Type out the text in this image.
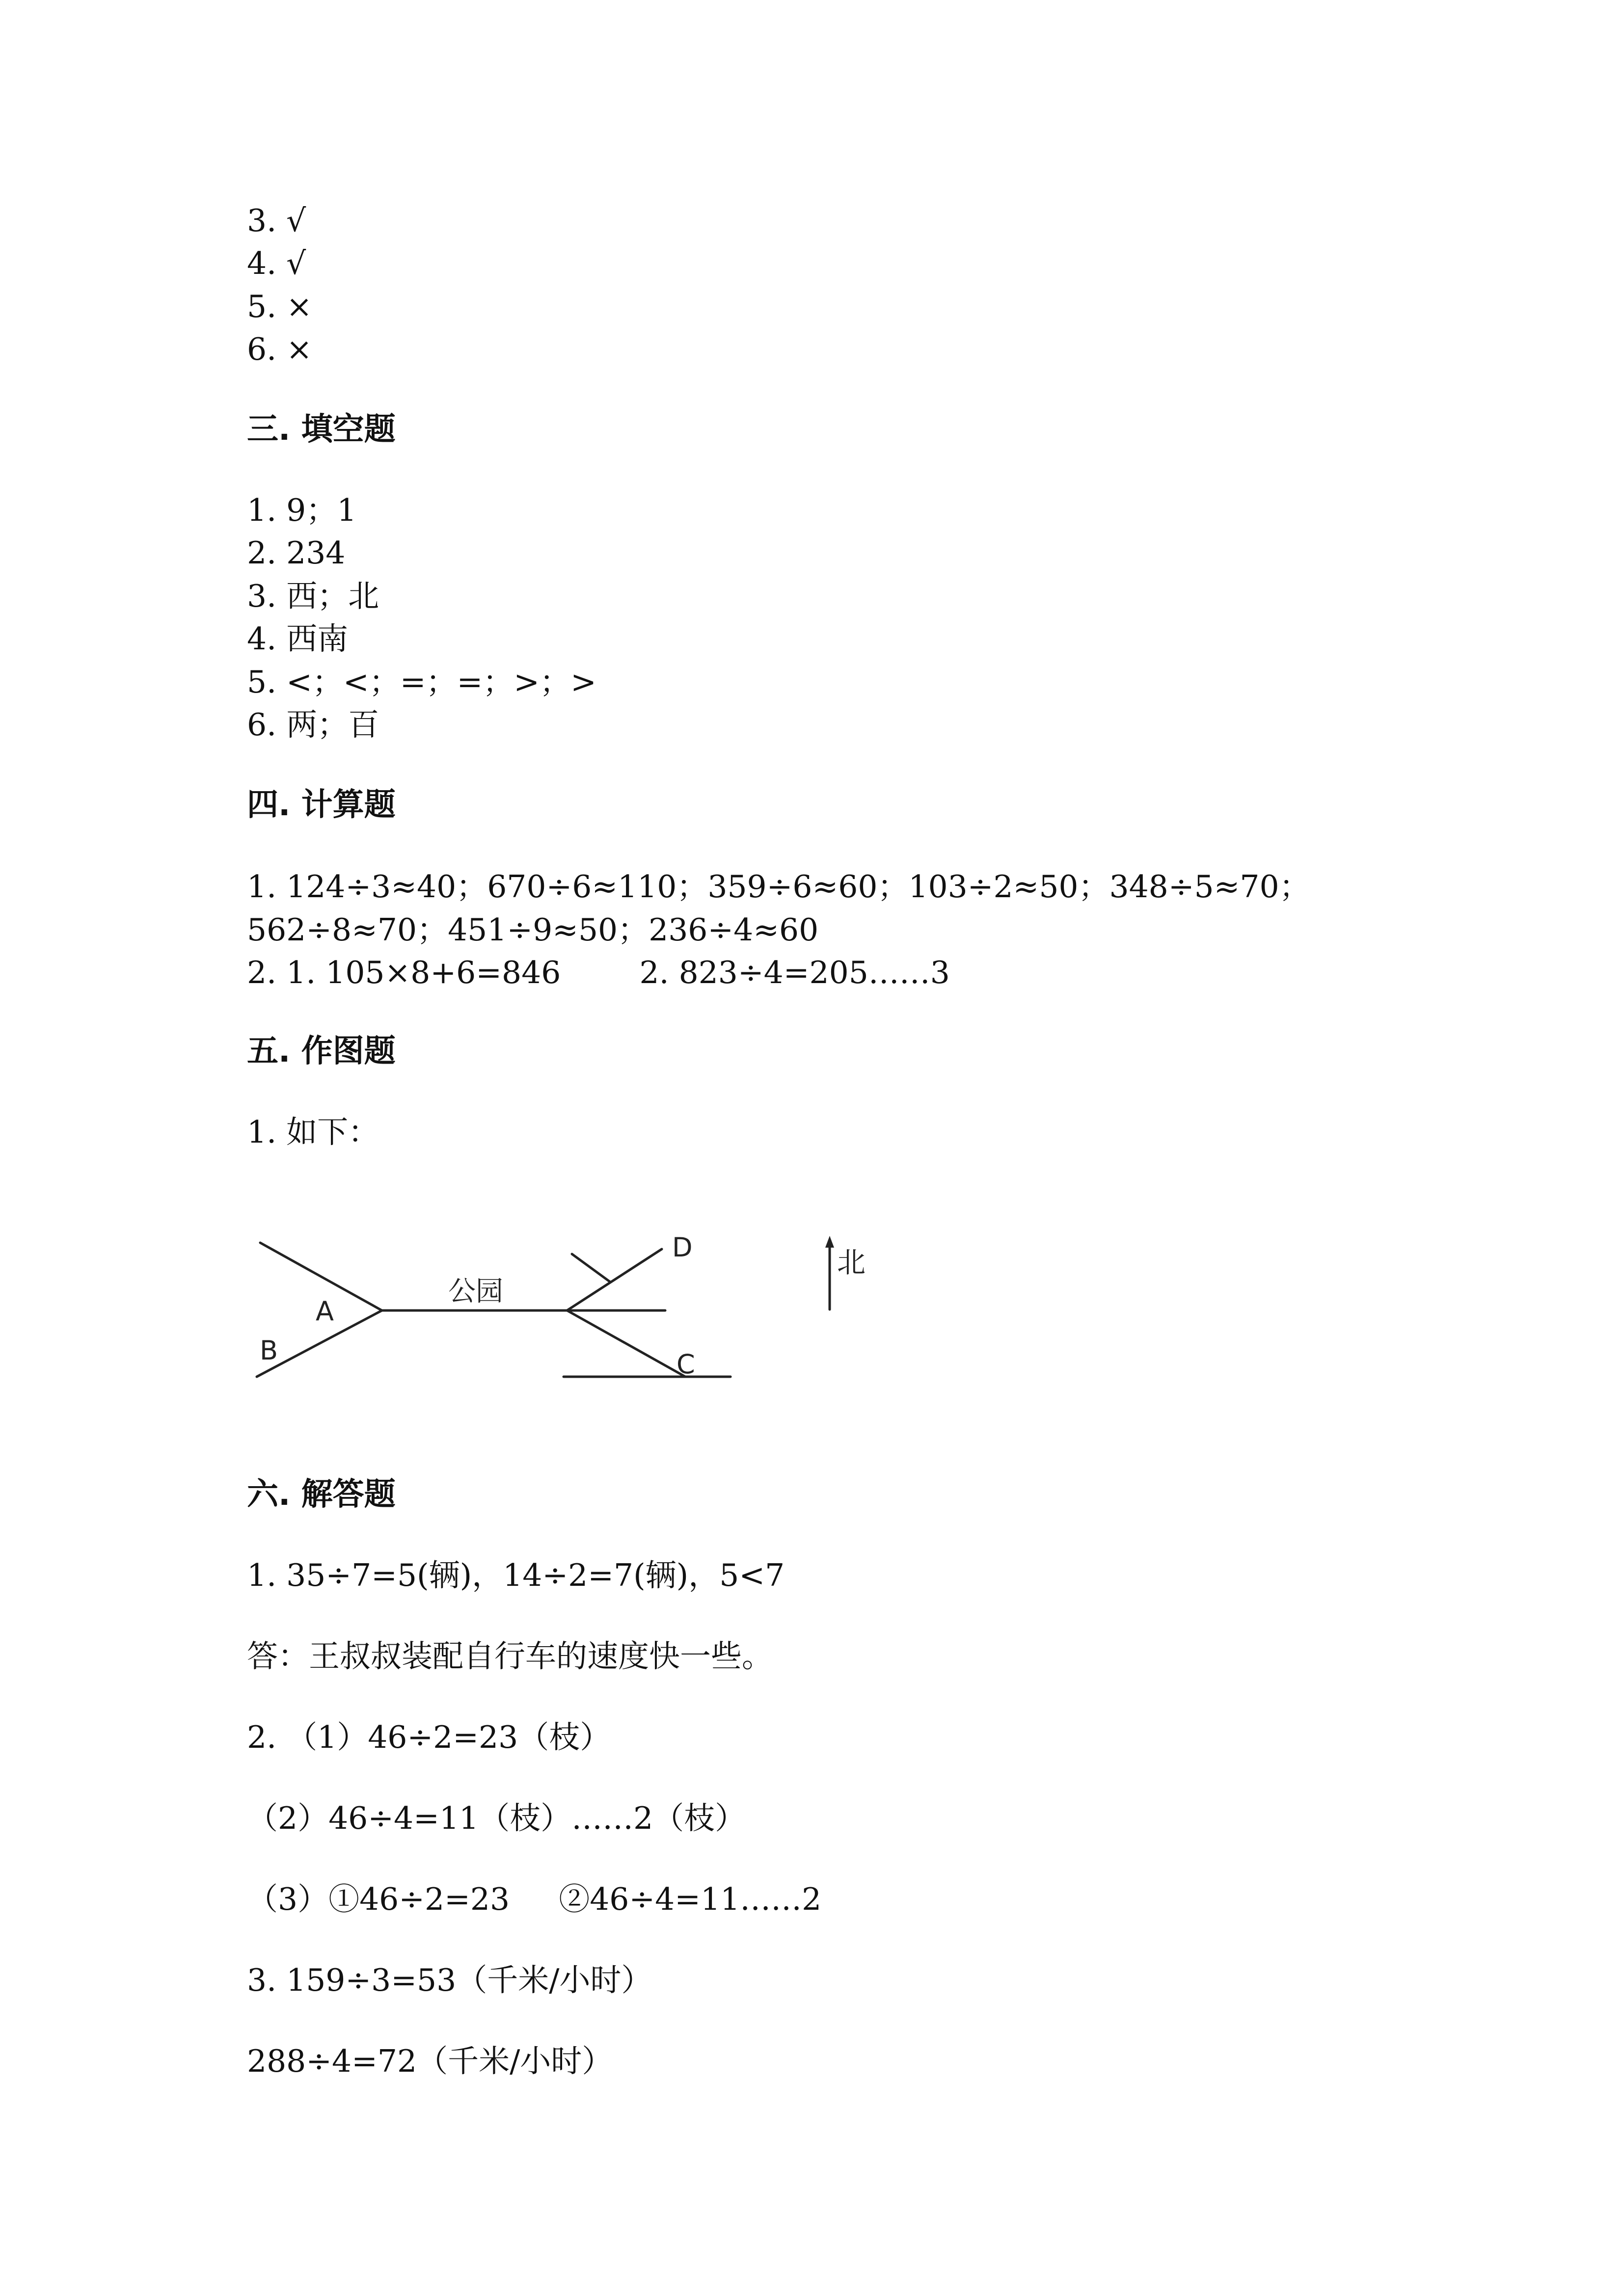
3. √
4. √
5. ×
6. ×
三. 填空题
1. 9；1
2. 234
3. 西；北
4. 西南
5. <；<；=；=；>；>
6. 两；百
四. 计算题
1. 124÷3≈40；670÷6≈110；359÷6≈60；103÷2≈50；348÷5≈70；
562÷8≈70；451÷9≈50；236÷4≈60
2. 1. 105×8+6=846        2. 823÷4=205……3
五. 作图题
1. 如下：
公园
A
B	C
D	北
六. 解答题
1. 35÷7=5(辆)，14÷2=7(辆)，5<7
答：王叔叔装配自行车的速度快一些。
2. （1）46÷2=23（枝）
（2）46÷4=11（枝）……2（枝）
（3）①46÷2=23     ②46÷4=11……2
3. 159÷3=53（千米/小时）
288÷4=72（千米/小时）
